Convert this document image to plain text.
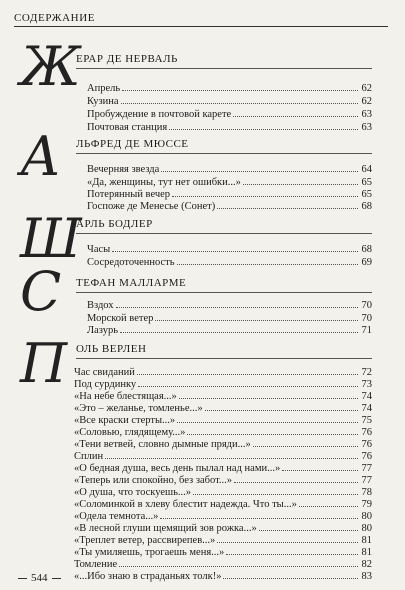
СОДЕРЖАНИЕ
Ж
ЕРАР ДЕ НЕРВАЛЬ
Апрель	62
Кузина	62
Пробуждение в почтовой карете	63
Почтовая станция	63
А ЛЬФРЕД ДЕ МЮССЕ
Вечерняя звезда	64
«Да, женщины, тут нет ошибки...»	65
Потерянный вечер	65
Госпоже де Менесье (Сонет)	68
Ш
АРЛЬ БОДЛЕР
Часы	68
Сосредоточенность	69
С ТЕФАН МАЛЛАРМЕ
Вздох	70
Морской ветер	70
Лазурь	71
П ОЛЬ ВЕРЛЕН
Час свиданий	72
Под сурдинку	73
«На небе блестящая...»	74
«Это – желанье, томленье...»	74
«Все краски стерты...»	75
«Соловью, глядящему...»	76
«Тени ветвей, словно дымные пряди...»	76
Сплин	76
«О бедная душа, весь день пылал над нами...»	77
«Теперь или спокойно, без забот...»	77
«О душа, что тоскуешь...»	78
«Соломинкой в хлеву блестит надежда. Что ты...»	79
«Одела темнота...»	80
«В лесной глуши щемящий зов рожка...»	80
«Треплет ветер, рассвирепев...»	81
«Ты умиляешь, трогаешь меня...»	81
Томление	82
«...Ибо знаю в страданьях толк!»	83
544
